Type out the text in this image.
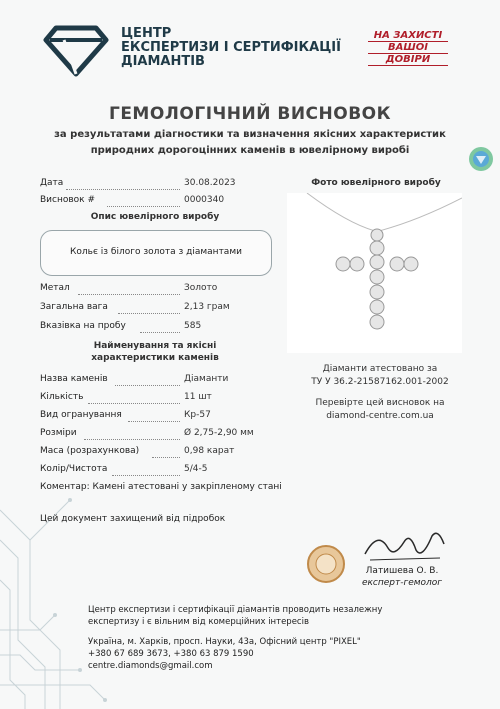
ЦЕНТР
ЕКСПЕРТИЗИ І СЕРТИФІКАЦІЇ
ДІАМАНТІВ
НА ЗАХИСТІ
ВАШОЇ
ДОВІРИ
ГЕМОЛОГІЧНИЙ ВИСНОВОК
за результатами діагностики та визначення якісних характеристик
природних дорогоцінних каменів в ювелірному виробі
Дата	30.08.2023
Висновок #	0000340
Опис ювелірного виробу
Кольє із білого золота з діамантами
Метал	Золото
Загальна вага	2,13 грам
Вказівка на пробу	585
Найменування та якісні
характеристики каменів
Назва каменів	Діаманти
Кількість	11 шт
Вид огранування	Кр-57
Розміри	Ø 2,75-2,90 мм
Маса (розрахункова)	0,98 карат
Колір/Чистота	5/4-5
Коментар: Камені атестовані у закріпленому стані
Цей документ захищений від підробок
Фото ювелірного виробу
Діаманти атестовано за
ТУ У 36.2-21587162.001-2002
Перевірте цей висновок на
diamond-centre.com.ua
Латишева О. В.
експерт-гемолог
Центр експертизи і сертифікації діамантів проводить незалежну
експертизу і є вільним від комерційних інтересів
Україна, м. Харків, просп. Науки, 43а, Офісний центр "PIXEL"
+380 67 689 3673, +380 63 879 1590
centre.diamonds@gmail.com
